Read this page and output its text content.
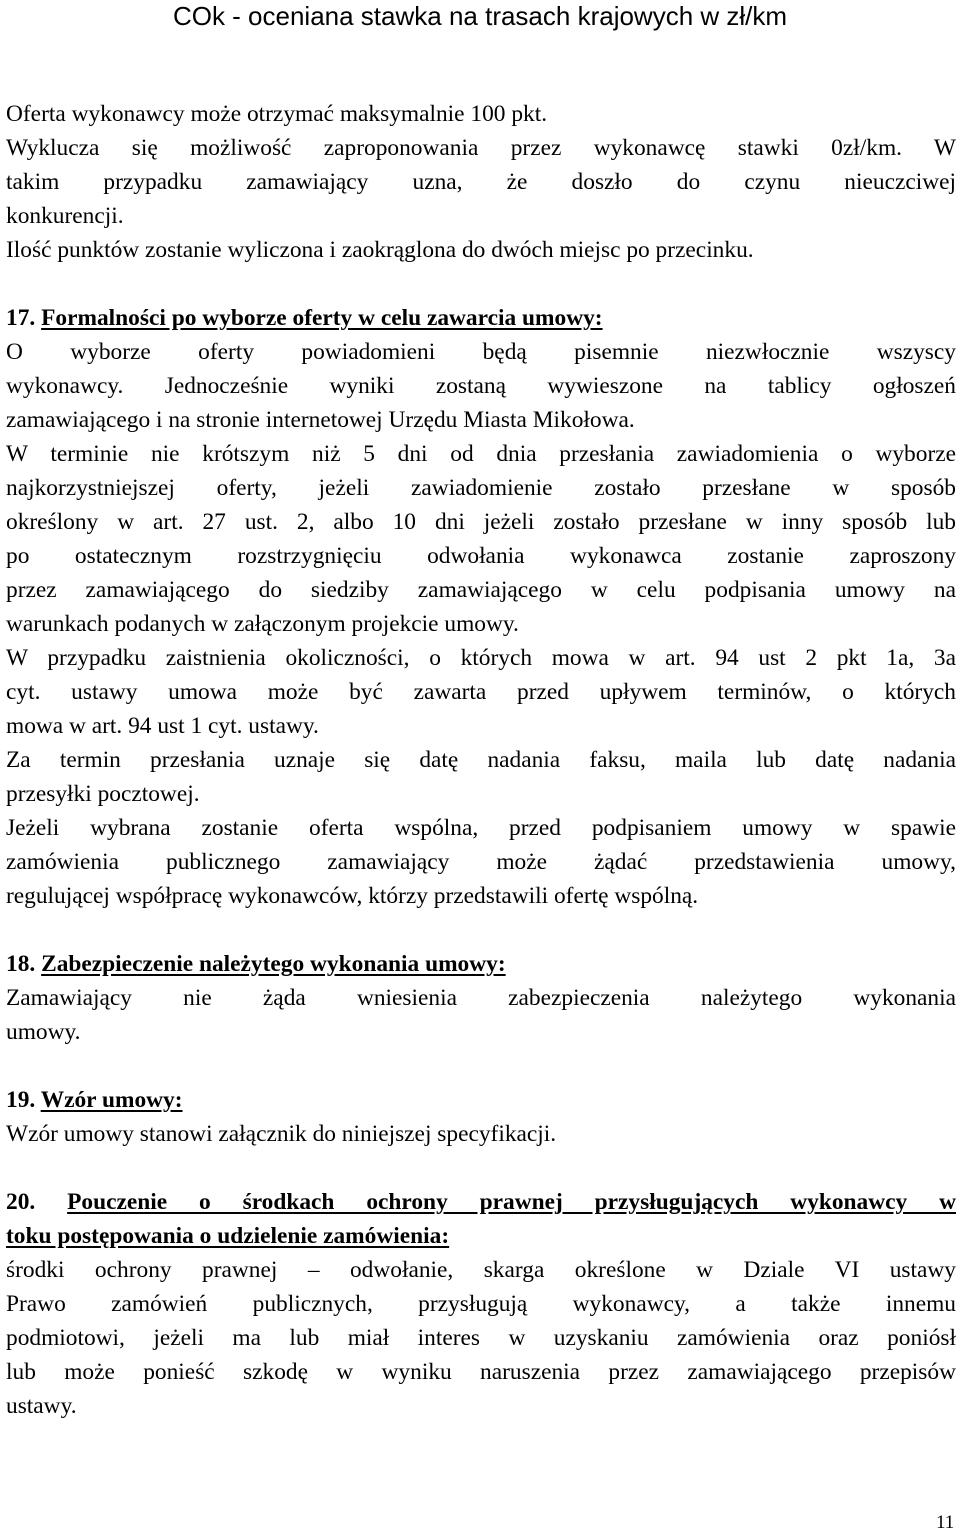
COk - oceniana stawka na trasach krajowych w zł/km

Oferta wykonawcy może otrzymać maksymalnie 100 pkt.

Wyklucza się możliwość zaproponowania przez wykonawcę stawki 0zł/km. W

takim przypadku zamawiający uzna, że doszło do czynu nieuczciwej

konkurencji.

Ilość punktów zostanie wyliczona i zaokrąglona do dwóch miejsc po przecinku.

17. Formalności po wyborze oferty w celu zawarcia umowy:

O wyborze oferty powiadomieni będą pisemnie niezwłocznie wszyscy

wykonawcy. Jednocześnie wyniki zostaną wywieszone na tablicy ogłoszeń

zamawiającego i na stronie internetowej Urzędu Miasta Mikołowa.

W terminie nie krótszym niż 5 dni od dnia przesłania zawiadomienia o wyborze

najkorzystniejszej oferty, jeżeli zawiadomienie zostało przesłane w sposób

określony w art. 27 ust. 2, albo 10 dni jeżeli zostało przesłane w inny sposób lub

po ostatecznym rozstrzygnięciu odwołania wykonawca zostanie zaproszony

przez zamawiającego do siedziby zamawiającego w celu podpisania umowy na

warunkach podanych w załączonym projekcie umowy.

W przypadku zaistnienia okoliczności, o których mowa w art. 94 ust 2 pkt 1a, 3a

cyt. ustawy umowa może być zawarta przed upływem terminów, o których

mowa w art. 94 ust 1 cyt. ustawy.

Za termin przesłania uznaje się datę nadania faksu, maila lub datę nadania

przesyłki pocztowej.

Jeżeli wybrana zostanie oferta wspólna, przed podpisaniem umowy w spawie

zamówienia publicznego zamawiający może żądać przedstawienia umowy,

regulującej współpracę wykonawców, którzy przedstawili ofertę wspólną.

18. Zabezpieczenie należytego wykonania umowy:

Zamawiający nie żąda wniesienia zabezpieczenia należytego wykonania

umowy.

19. Wzór umowy:

Wzór umowy stanowi załącznik do niniejszej specyfikacji.

20. Pouczenie o środkach ochrony prawnej przysługujących wykonawcy w

toku postępowania o udzielenie zamówienia:

środki ochrony prawnej – odwołanie, skarga określone w Dziale VI ustawy

Prawo zamówień publicznych, przysługują wykonawcy, a także innemu

podmiotowi, jeżeli ma lub miał interes w uzyskaniu zamówienia oraz poniósł

lub może ponieść szkodę w wyniku naruszenia przez zamawiającego przepisów

ustawy.

11
